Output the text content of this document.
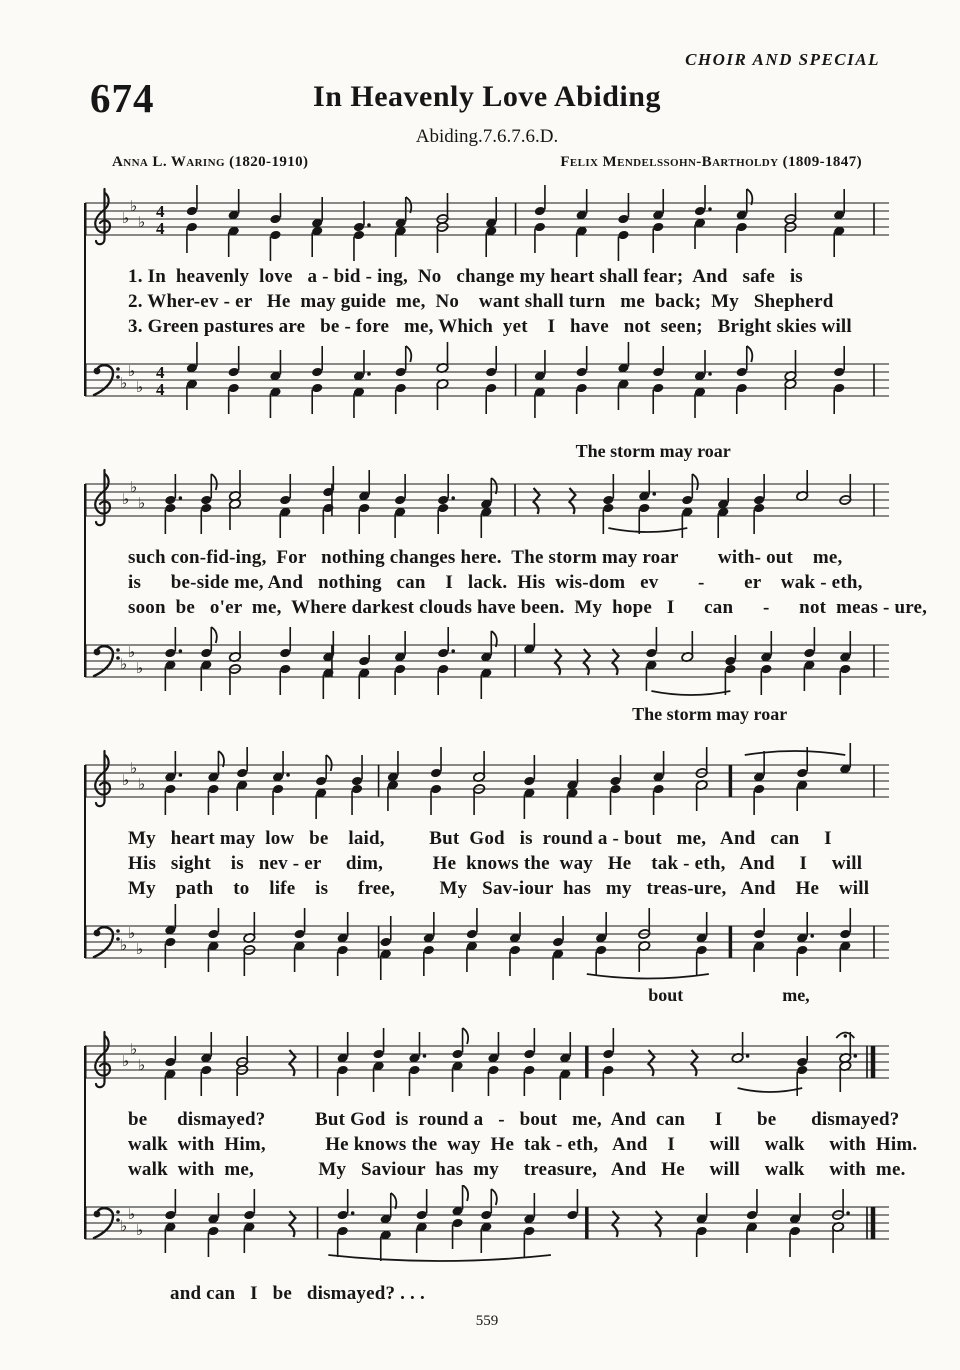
CHOIR AND SPECIAL
674	In Heavenly Love Abiding
Abiding.7.6.7.6.D.
Anna L. Waring (1820-1910)	Felix Mendelssohn-Bartholdy (1809-1847)
♭
♭
♭
4
4
1. In  heavenly  love   a - bid - ing,  No   change my heart shall fear;  And   safe   is
2. Wher-ev - er   He  may guide  me,  No    want shall turn   me  back;  My   Shepherd
3. Green pastures are   be - fore   me, Which  yet    I   have   not  seen;   Bright skies will
♭
♭
♭
4
4
The storm may roar
♭
♭
♭
such con-fid-ing,  For   nothing changes here.  The storm may roar        with- out    me,
is      be-side me, And   nothing   can    I   lack.  His  wis-dom   ev        -        er    wak - eth,
soon  be   o'er  me,  Where darkest clouds have been.  My  hope   I      can      -      not  meas - ure,
♭
♭
♭
The storm may roar
♭
♭
♭
My   heart may  low   be    laid,         But  God   is  round a - bout   me,   And   can     I
His   sight    is   nev - er     dim,          He  knows the  way   He    tak - eth,   And     I     will
My    path    to    life    is      free,         My   Sav-iour  has   my   treas-ure,   And    He    will
♭
♭
♭
bout                      me,
♭
♭
♭
be      dismayed?          But God  is  round a   -   bout   me,  And  can      I       be       dismayed?
walk  with  Him,            He knows the  way  He  tak - eth,   And    I       will     walk     with  Him.
walk  with  me,             My   Saviour  has  my     treasure,   And   He     will     walk     with  me.
♭
♭
♭
and can   I   be   dismayed? . . .
559
